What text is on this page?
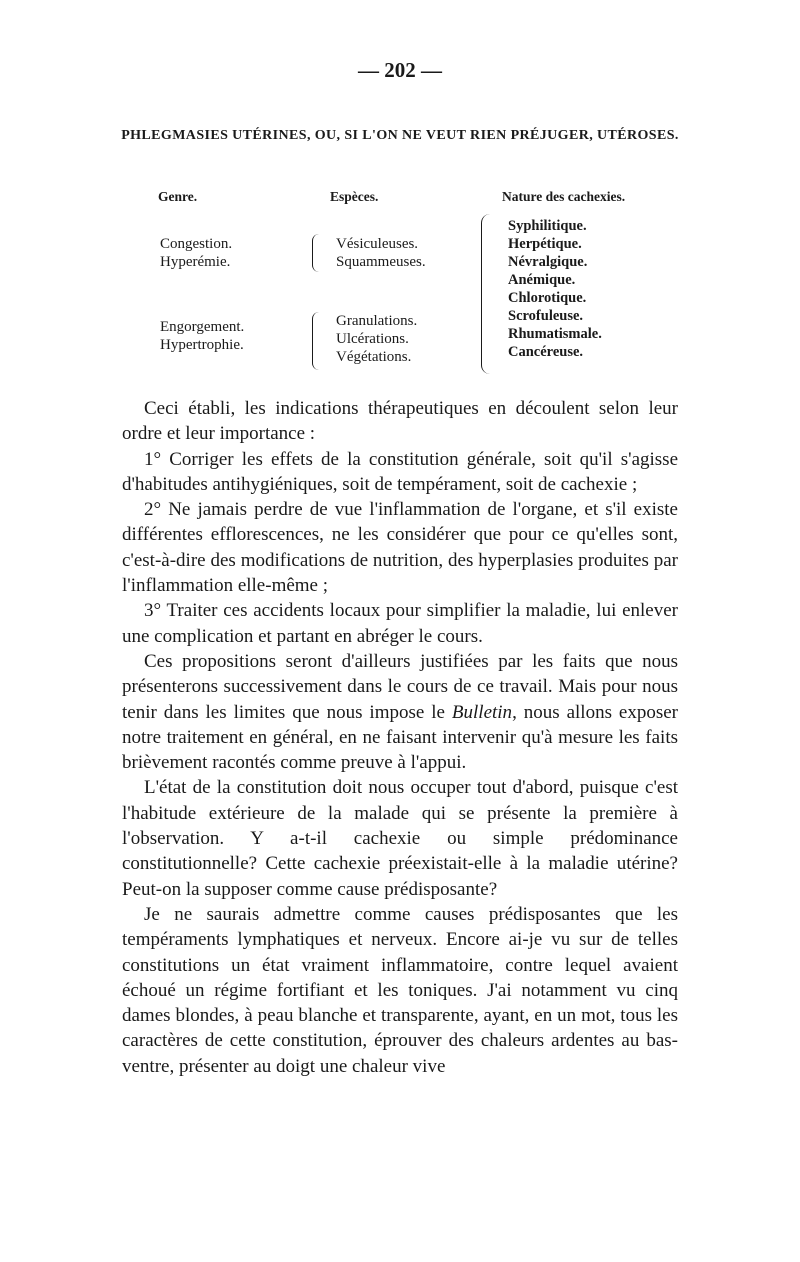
— 202 —
PHLEGMASIES UTÉRINES, OU, SI L'ON NE VEUT RIEN PRÉJUGER, UTÉROSES.
Genre.	Espèces.	Nature des cachexies.
Congestion.
Hyperémie.
Engorgement.
Hypertrophie.
Vésiculeuses.
Squammeuses.
Granulations.
Ulcérations.
Végétations.
Syphilitique.
Herpétique.
Névralgique.
Anémique.
Chlorotique.
Scrofuleuse.
Rhumatismale.
Cancéreuse.

Ceci établi, les indications thérapeutiques en découlent selon leur ordre et leur importance :

1° Corriger les effets de la constitution générale, soit qu'il s'agisse d'habitudes antihygiéniques, soit de tempérament, soit de cachexie ;

2° Ne jamais perdre de vue l'inflammation de l'organe, et s'il existe différentes efflorescences, ne les considérer que pour ce qu'elles sont, c'est-à-dire des modifications de nutrition, des hyperplasies produites par l'inflammation elle-même ;

3° Traiter ces accidents locaux pour simplifier la maladie, lui enlever une complication et partant en abréger le cours.

Ces propositions seront d'ailleurs justifiées par les faits que nous présenterons successivement dans le cours de ce travail. Mais pour nous tenir dans les limites que nous impose le Bulletin, nous allons exposer notre traitement en général, en ne faisant intervenir qu'à mesure les faits brièvement racontés comme preuve à l'appui.

L'état de la constitution doit nous occuper tout d'abord, puisque c'est l'habitude extérieure de la malade qui se présente la première à l'observation. Y a-t-il cachexie ou simple prédominance constitutionnelle? Cette cachexie préexistait-elle à la maladie utérine? Peut-on la supposer comme cause prédisposante?

Je ne saurais admettre comme causes prédisposantes que les tempéraments lymphatiques et nerveux. Encore ai-je vu sur de telles constitutions un état vraiment inflammatoire, contre lequel avaient échoué un régime fortifiant et les toniques. J'ai notamment vu cinq dames blondes, à peau blanche et transparente, ayant, en un mot, tous les caractères de cette constitution, éprouver des chaleurs ardentes au bas-ventre, présenter au doigt une chaleur vive
